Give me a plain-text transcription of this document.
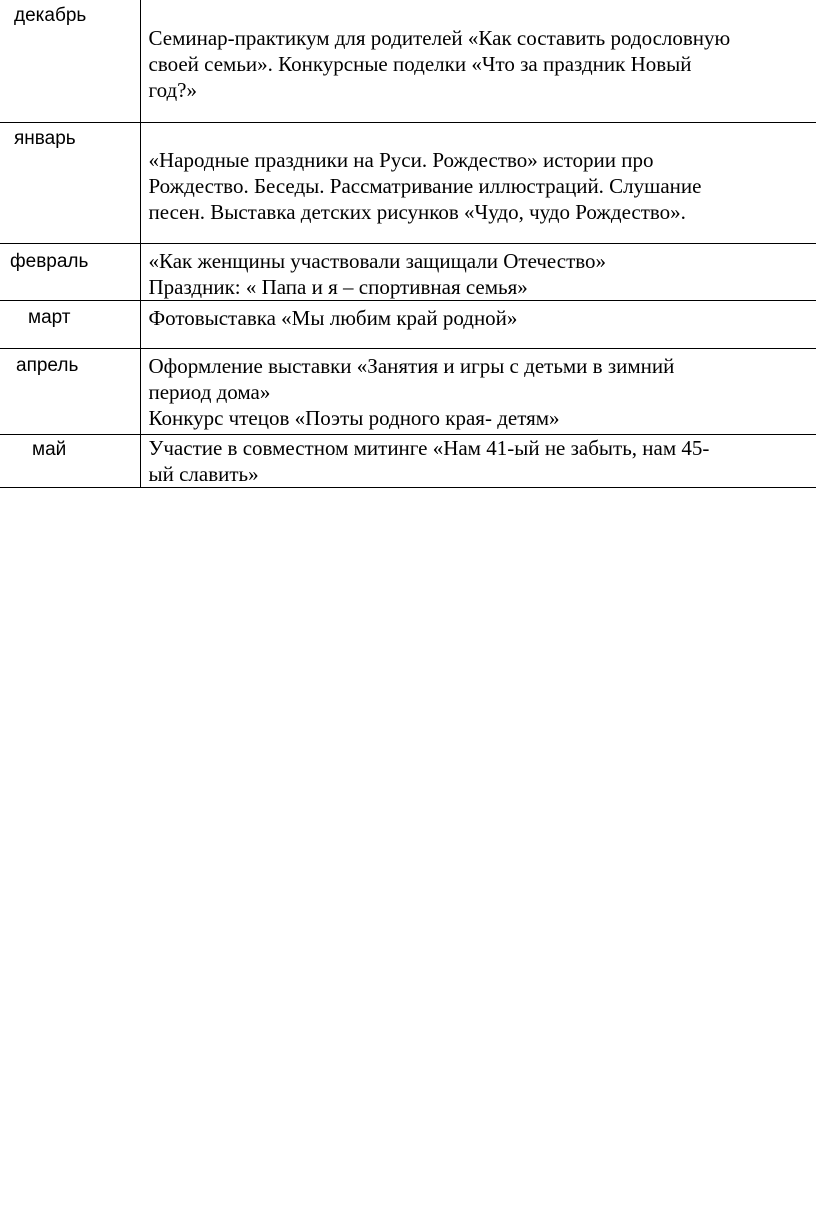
декабрь	Семинар-практикум для родителей «Как составить родословную
своей семьи». Конкурсные поделки «Что за праздник Новый
год?»

январь	«Народные праздники на Руси. Рождество» истории про
Рождество. Беседы. Рассматривание иллюстраций. Слушание
песен. Выставка детских рисунков «Чудо, чудо Рождество».

февраль	«Как женщины участвовали защищали Отечество»
Праздник: « Папа и я – спортивная семья»

март	Фотовыставка «Мы любим край родной»

апрель	Оформление выставки «Занятия и игры с детьми в зимний
период дома»
Конкурс чтецов «Поэты родного края- детям»

май	Участие в совместном митинге «Нам 41-ый не забыть, нам 45-
ый славить»
